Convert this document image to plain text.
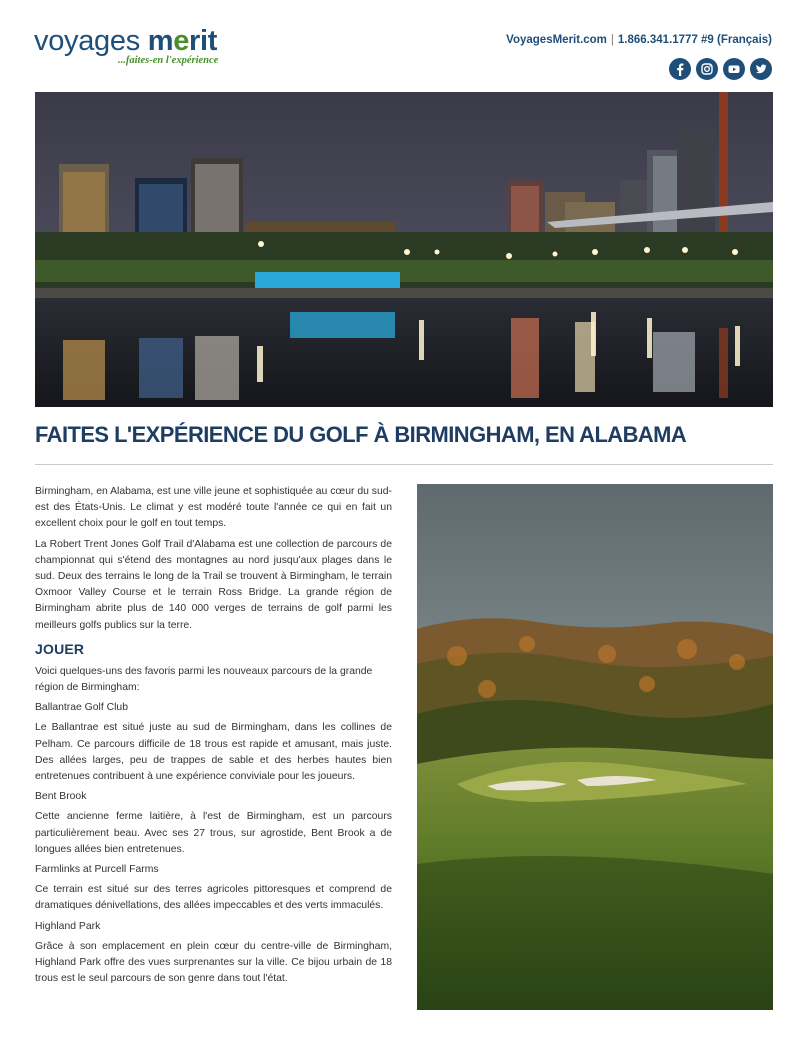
voyages merit
...faites-en l'expérience
VoyagesMerit.com | 1.866.341.1777 #9 (Français)
FAITES L'EXPÉRIENCE DU GOLF À BIRMINGHAM, EN ALABAMA

Birmingham, en Alabama, est une ville jeune et sophistiquée au cœur du sud-est des États-Unis. Le climat y est modéré toute l'année ce qui en fait un excellent choix pour le golf en tout temps.

La Robert Trent Jones Golf Trail d'Alabama est une collection de parcours de championnat qui s'étend des montagnes au nord jusqu'aux plages dans le sud. Deux des terrains le long de la Trail se trouvent à Birmingham, le terrain Oxmoor Valley Course et le terrain Ross Bridge. La grande région de Birmingham abrite plus de 140 000 verges de terrains de golf parmi les meilleurs golfs publics sur la terre.

JOUER

Voici quelques-uns des favoris parmi les nouveaux parcours de la grande région de Birmingham:

Ballantrae Golf Club

Le Ballantrae est situé juste au sud de Birmingham, dans les collines de Pelham. Ce parcours difficile de 18 trous est rapide et amusant, mais juste. Des allées larges, peu de trappes de sable et des herbes hautes bien entretenues contribuent à une expérience conviviale pour les joueurs.

Bent Brook

Cette ancienne ferme laitière, à l'est de Birmingham, est un parcours particulièrement beau. Avec ses 27 trous, sur agrostide, Bent Brook a de longues allées bien entretenues.

Farmlinks at Purcell Farms

Ce terrain est situé sur des terres agricoles pittoresques et comprend de dramatiques dénivellations, des allées impeccables et des verts immaculés.

Highland Park

Grâce à son emplacement en plein cœur du centre-ville de Birmingham, Highland Park offre des vues surprenantes sur la ville. Ce bijou urbain de 18 trous est le seul parcours de son genre dans tout l'état.
